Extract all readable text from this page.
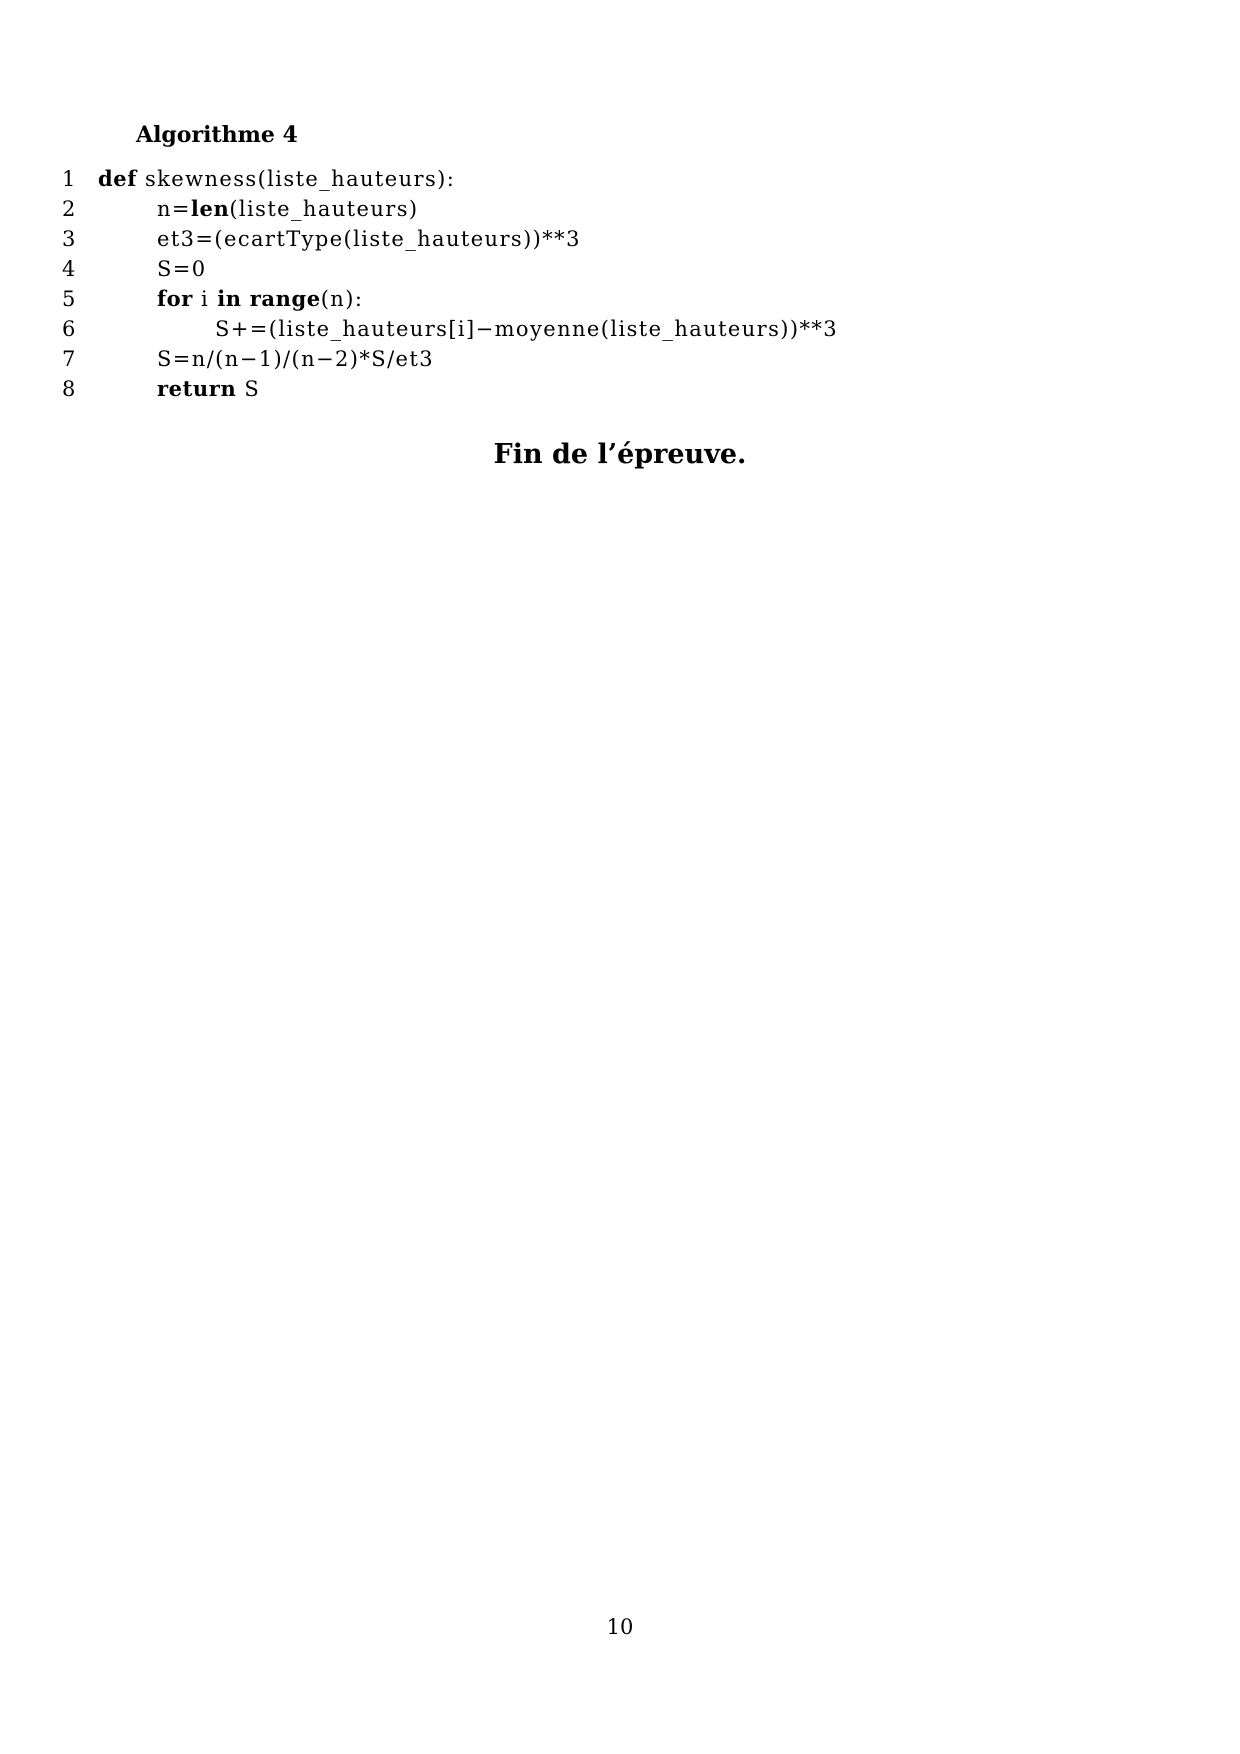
Algorithme 4
1	def skewness(liste_hauteurs):
2	n=len(liste_hauteurs)
3	et3=(ecartType(liste_hauteurs))**3
4	S=0
5	for i in range(n):
6	S+=(liste_hauteurs[i]−moyenne(liste_hauteurs))**3
7	S=n/(n−1)/(n−2)*S/et3
8	return S
Fin de l’épreuve.
10
